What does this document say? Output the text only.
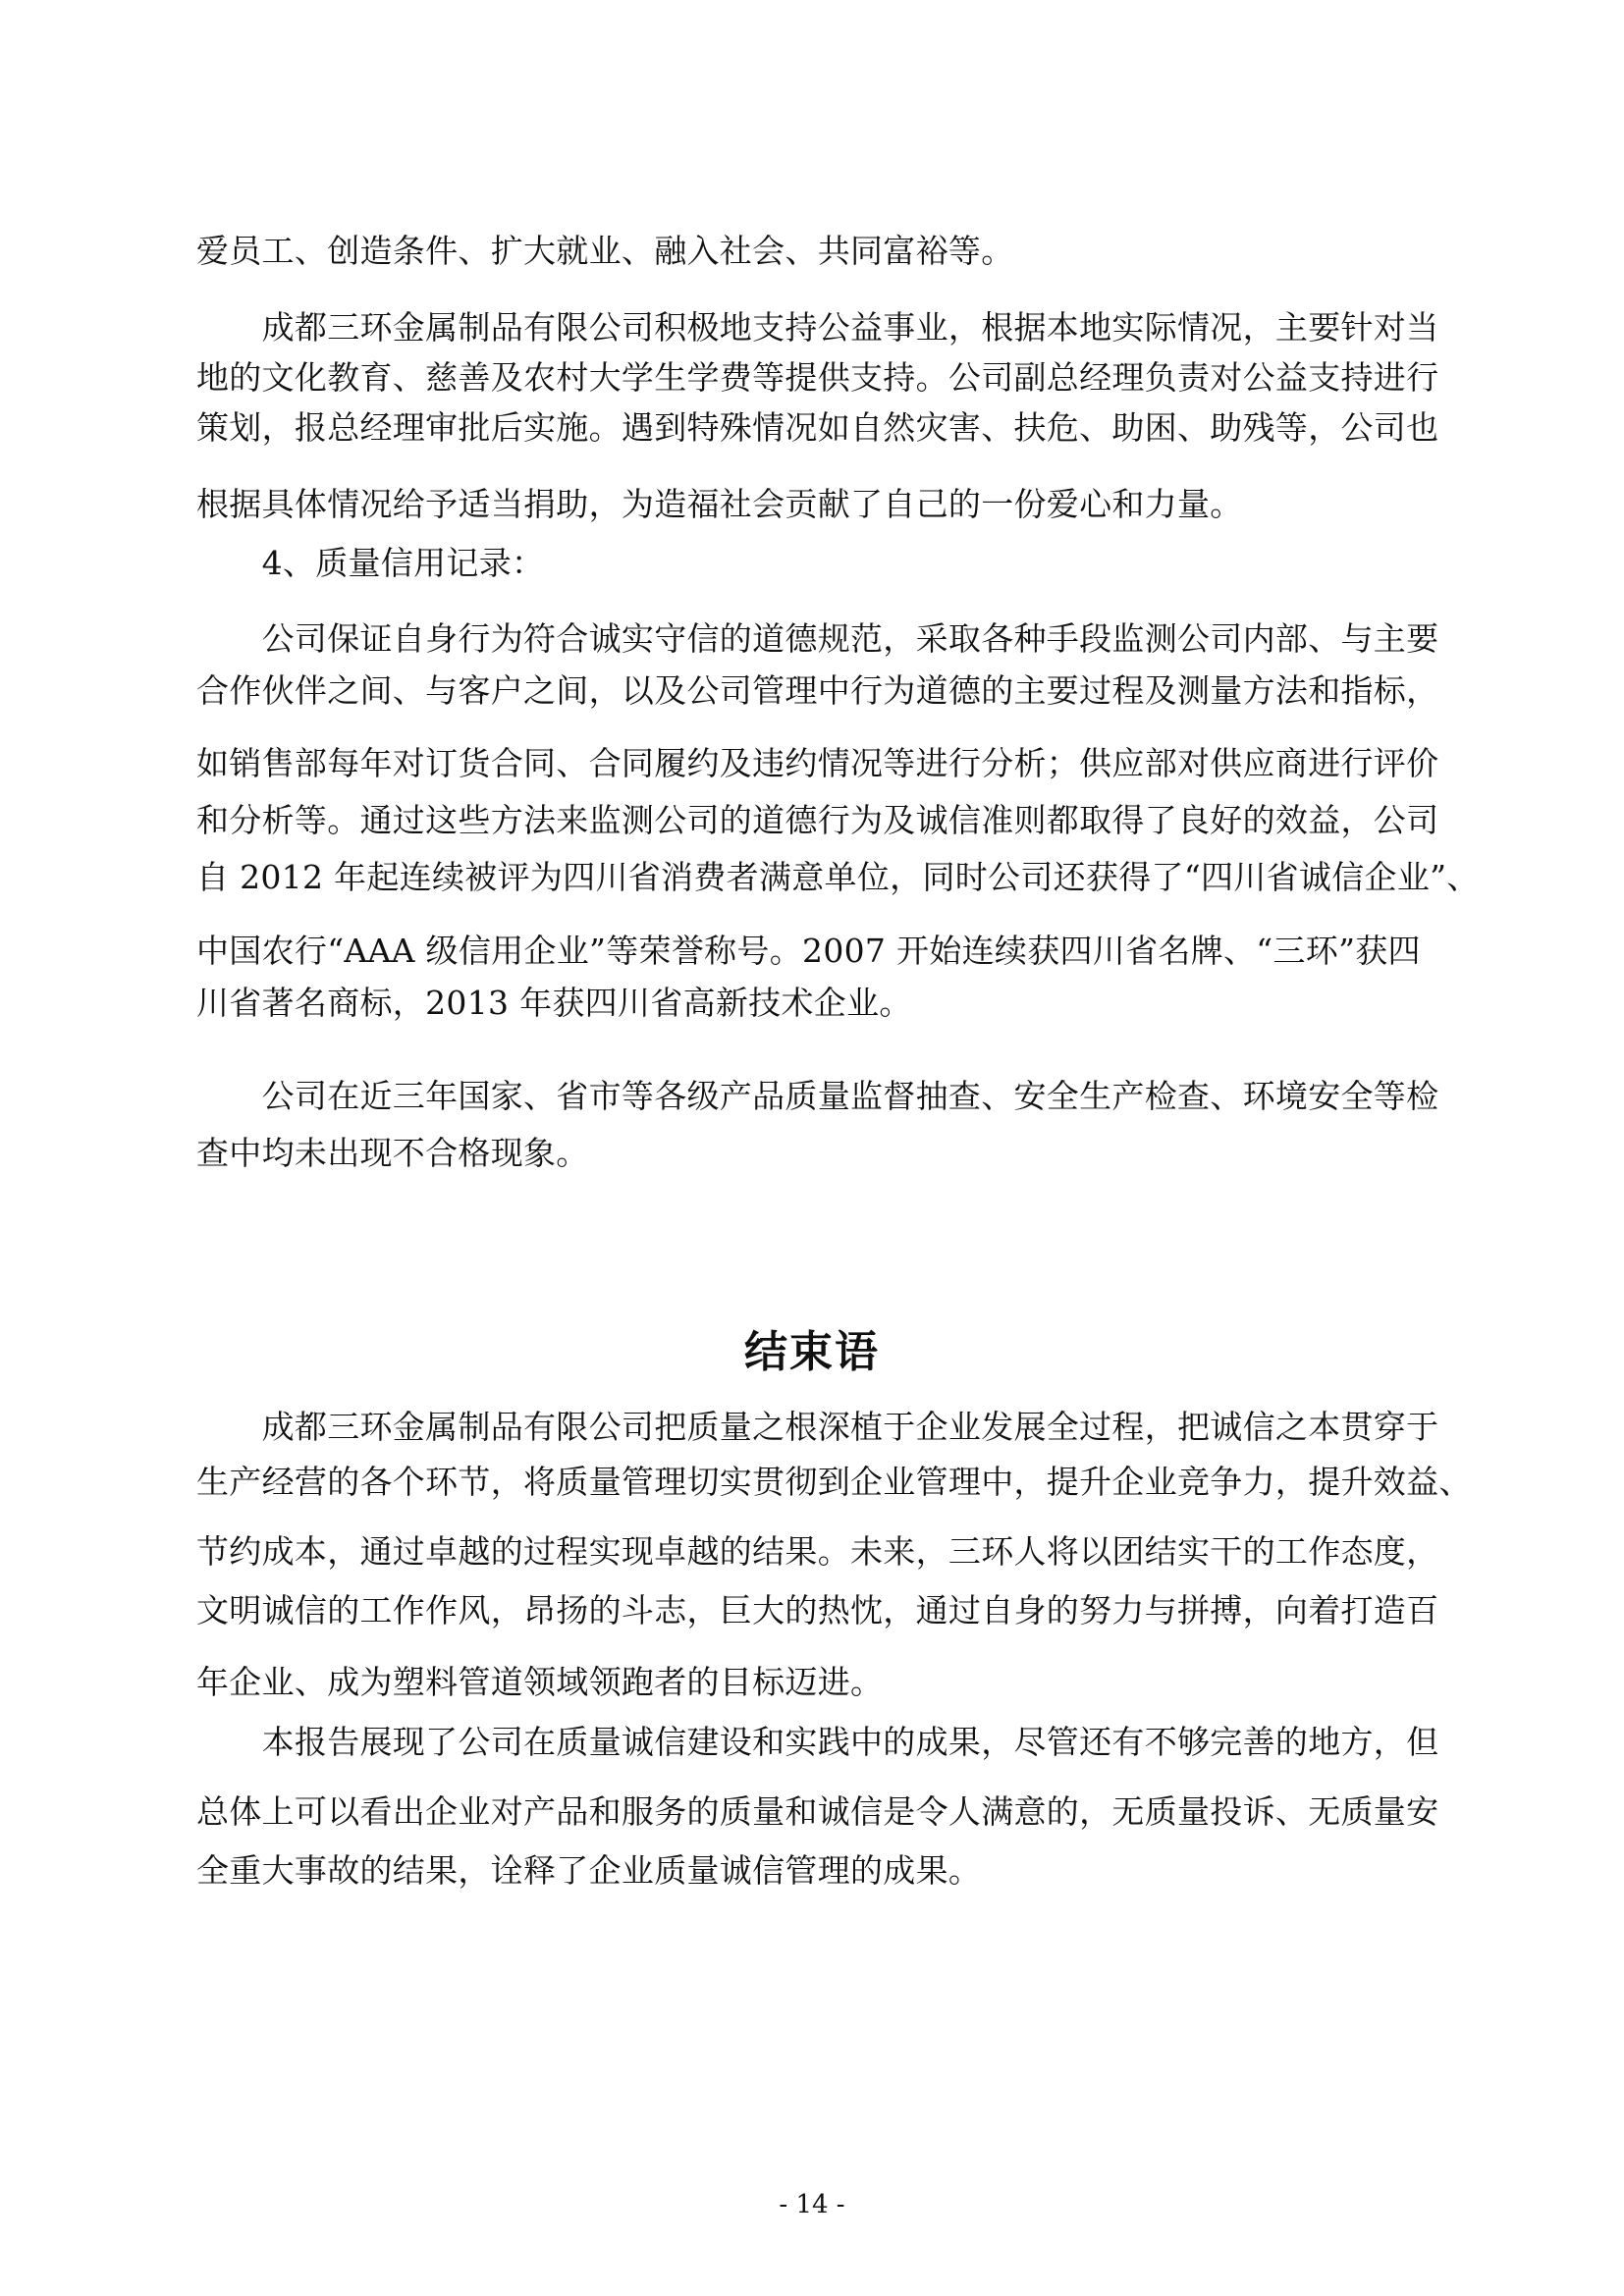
爱员工、创造条件、扩大就业、融入社会、共同富裕等。
　　成都三环金属制品有限公司积极地支持公益事业，根据本地实际情况，主要针对当
地的文化教育、慈善及农村大学生学费等提供支持。公司副总经理负责对公益支持进行
策划，报总经理审批后实施。遇到特殊情况如自然灾害、扶危、助困、助残等，公司也
根据具体情况给予适当捐助，为造福社会贡献了自己的一份爱心和力量。
　　4、质量信用记录：
　　公司保证自身行为符合诚实守信的道德规范，采取各种手段监测公司内部、与主要
合作伙伴之间、与客户之间，以及公司管理中行为道德的主要过程及测量方法和指标，
如销售部每年对订货合同、合同履约及违约情况等进行分析；供应部对供应商进行评价
和分析等。通过这些方法来监测公司的道德行为及诚信准则都取得了良好的效益，公司
自 2012 年起连续被评为四川省消费者满意单位，同时公司还获得了“四川省诚信企业”、
中国农行“AAA 级信用企业”等荣誉称号。2007 开始连续获四川省名牌、“三环”获四
川省著名商标，2013 年获四川省高新技术企业。
　　公司在近三年国家、省市等各级产品质量监督抽查、安全生产检查、环境安全等检
查中均未出现不合格现象。
结束语
　　成都三环金属制品有限公司把质量之根深植于企业发展全过程，把诚信之本贯穿于
生产经营的各个环节，将质量管理切实贯彻到企业管理中，提升企业竞争力，提升效益、
节约成本，通过卓越的过程实现卓越的结果。未来，三环人将以团结实干的工作态度，
文明诚信的工作作风，昂扬的斗志，巨大的热忱，通过自身的努力与拼搏，向着打造百
年企业、成为塑料管道领域领跑者的目标迈进。
　　本报告展现了公司在质量诚信建设和实践中的成果，尽管还有不够完善的地方，但
总体上可以看出企业对产品和服务的质量和诚信是令人满意的，无质量投诉、无质量安
全重大事故的结果，诠释了企业质量诚信管理的成果。
- 14 -
